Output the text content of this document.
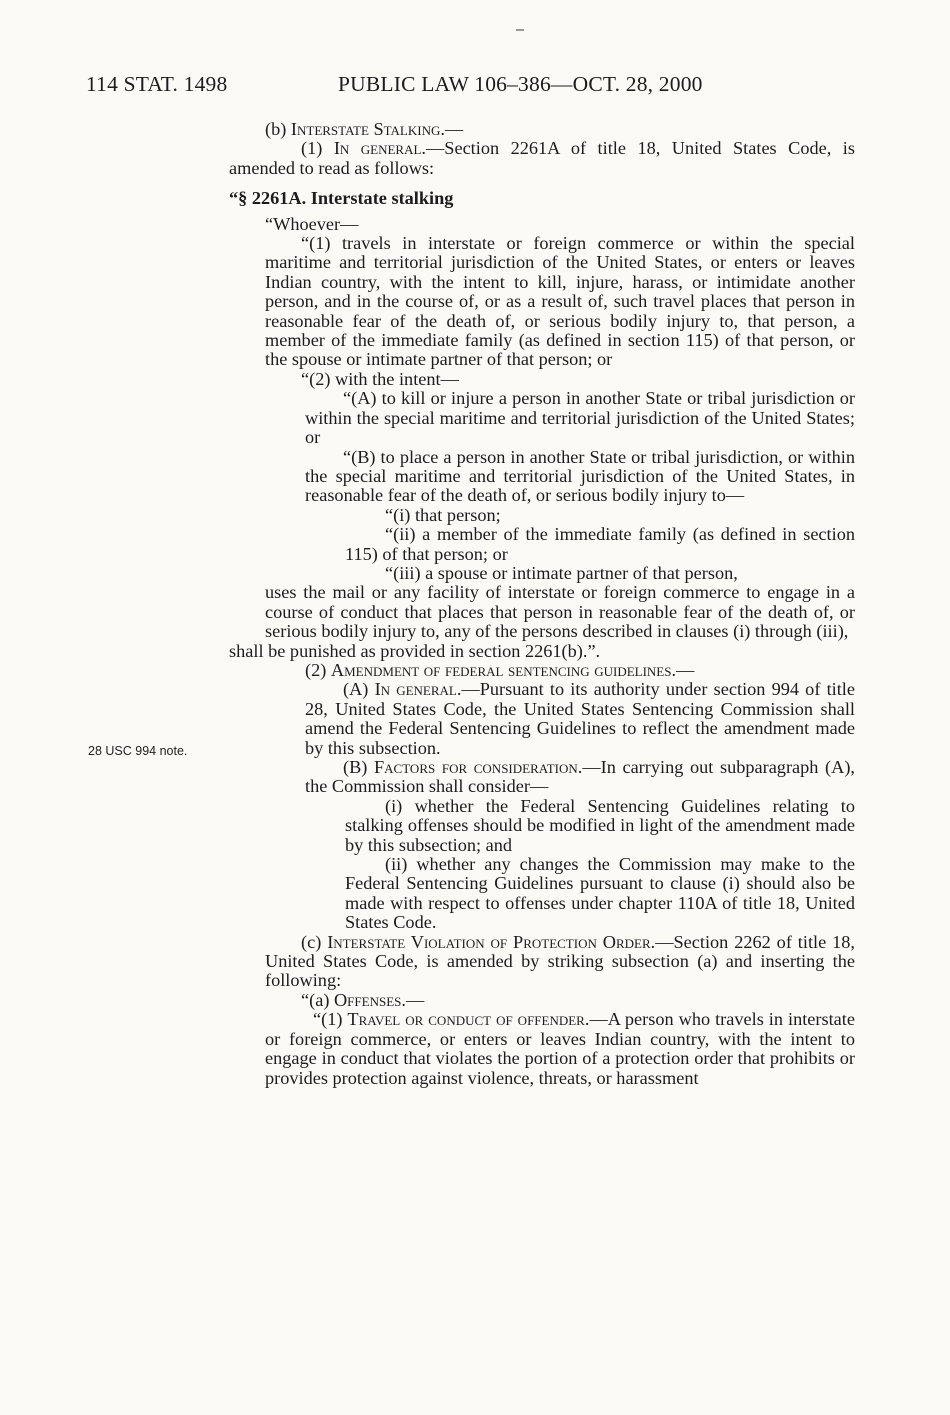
114 STAT. 1498	PUBLIC LAW 106–386—OCT. 28, 2000
28 USC 994 note.

(b) Interstate Stalking.—

(1) In general.—Section 2261A of title 18, United States Code, is amended to read as follows:

“§ 2261A. Interstate stalking

“Whoever—

“(1) travels in interstate or foreign commerce or within the special maritime and territorial jurisdiction of the United States, or enters or leaves Indian country, with the intent to kill, injure, harass, or intimidate another person, and in the course of, or as a result of, such travel places that person in reasonable fear of the death of, or serious bodily injury to, that person, a member of the immediate family (as defined in section 115) of that person, or the spouse or intimate partner of that person; or

“(2) with the intent—

“(A) to kill or injure a person in another State or tribal jurisdiction or within the special maritime and territorial jurisdiction of the United States; or

“(B) to place a person in another State or tribal jurisdiction, or within the special maritime and territorial jurisdiction of the United States, in reasonable fear of the death of, or serious bodily injury to—

“(i) that person;

“(ii) a member of the immediate family (as defined in section 115) of that person; or

“(iii) a spouse or intimate partner of that person,

uses the mail or any facility of interstate or foreign commerce to engage in a course of conduct that places that person in reasonable fear of the death of, or serious bodily injury to, any of the persons described in clauses (i) through (iii),

shall be punished as provided in section 2261(b).”.

(2) Amendment of federal sentencing guidelines.—

(A) In general.—Pursuant to its authority under section 994 of title 28, United States Code, the United States Sentencing Commission shall amend the Federal Sentencing Guidelines to reflect the amendment made by this subsection.

(B) Factors for consideration.—In carrying out subparagraph (A), the Commission shall consider—

(i) whether the Federal Sentencing Guidelines relating to stalking offenses should be modified in light of the amendment made by this subsection; and

(ii) whether any changes the Commission may make to the Federal Sentencing Guidelines pursuant to clause (i) should also be made with respect to offenses under chapter 110A of title 18, United States Code.

(c) Interstate Violation of Protection Order.—Section 2262 of title 18, United States Code, is amended by striking subsection (a) and inserting the following:

“(a) Offenses.—

“(1) Travel or conduct of offender.—A person who travels in interstate or foreign commerce, or enters or leaves Indian country, with the intent to engage in conduct that violates the portion of a protection order that prohibits or provides protection against violence, threats, or harassment
